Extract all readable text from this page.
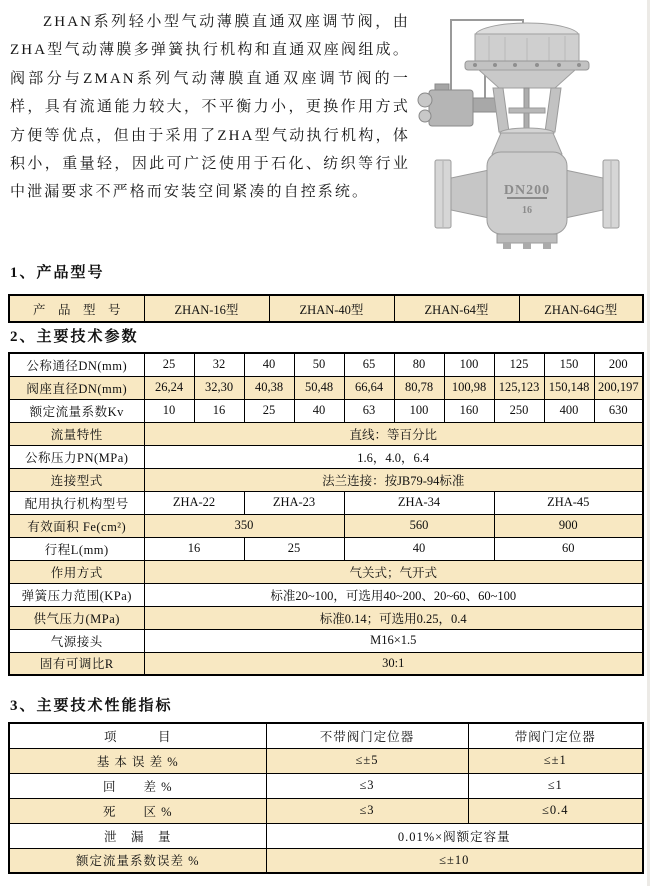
ZHAN系列轻小型气动薄膜直通双座调节阀，由ZHA型气动薄膜多弹簧执行机构和直通双座阀组成。阀部分与ZMAN系列气动薄膜直通双座调节阀的一样，具有流通能力较大，不平衡力小，更换作用方式方便等优点，但由于采用了ZHA型气动执行机构，体积小，重量轻，因此可广泛使用于石化、纺织等行业中泄漏要求不严格而安装空间紧凑的自控系统。	DN200
16
1、产品型号
产　品　型　号	ZHAN-16型	ZHAN-40型	ZHAN-64型	ZHAN-64G型
2、主要技术参数
公称通径DN(mm)	25	32	40	50	65	80	100	125	150	200
阀座直径DN(mm)	26,24	32,30	40,38	50,48	66,64	80,78	100,98	125,123	150,148	200,197
额定流量系数Kv	10	16	25	40	63	100	160	250	400	630
流量特性	直线：等百分比									
公称压力PN(MPa)	1.6，4.0，6.4									
连接型式	法兰连接：按JB79-94标准									
配用执行机构型号	ZHA-22		ZHA-23		ZHA-34			ZHA-45		
有效面积 Fe(cm²)	350				560			900		
行程L(mm)	16		25		40			60		
作用方式	气关式；气开式									
弹簧压力范围(KPa)	标准20~100，可选用40~200、20~60、60~100									
供气压力(MPa)	标准0.14；可选用0.25，0.4									
气源接头	M16×1.5									
固有可调比R	30:1									
3、主要技术性能指标
项　　　目	不带阀门定位器	带阀门定位器
基 本 误 差 %	≤±5	≤±1
回　　差 %	≤3	≤1
死　　区 %	≤3	≤0.4
泄　漏　量	0.01%×阀额定容量	
额定流量系数误差 %	≤±10	
